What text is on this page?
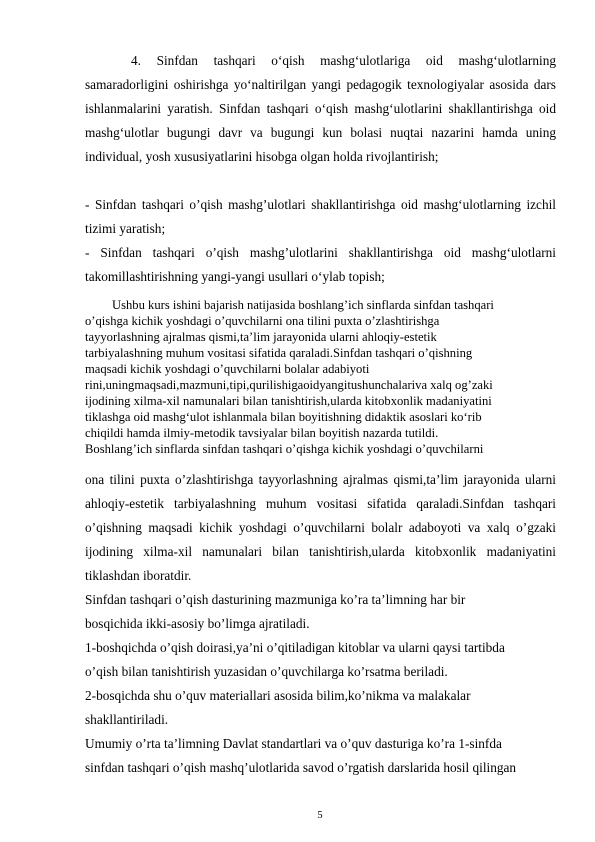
4. Sinfdan tashqari o‘qish mashg‘ulotlariga oid mashg‘ulotlarning samaradorligini oshirishga yo‘naltirilgan yangi pedagogik texnologiyalar asosida dars ishlanmalarini yaratish. Sinfdan tashqari o‘qish mashg‘ulotlarini shakllantirishga oid mashg‘ulotlar bugungi davr va bugungi kun bolasi nuqtai nazarini hamda uning individual, yosh xususiyatlarini hisobga olgan holda rivojlantirish;

- Sinfdan tashqari o’qish mashg’ulotlari shakllantirishga oid mashg‘ulotlarning izchil tizimi yaratish;

- Sinfdan tashqari o’qish mashg’ulotlarini shakllantirishga oid mashg‘ulotlarni takomillashtirishning yangi-yangi usullari o‘ylab topish;

Ushbu kurs ishini bajarish natijasida boshlang’ich sinflarda sinfdan tashqari
o’qishga kichik yoshdagi o’quvchilarni ona tilini puxta o’zlashtirishga
tayyorlashning ajralmas qismi,ta’lim jarayonida ularni ahloqiy-estetik
tarbiyalashning muhum vositasi sifatida qaraladi.Sinfdan tashqari o’qishning
maqsadi kichik yoshdagi o’quvchilarni bolalar adabiyoti
rini,uningmaqsadi,mazmuni,tipi,qurilishigaoidyangitushunchalariva xalq og’zaki
ijodining xilma-xil namunalari bilan tanishtirish,ularda kitobxonlik madaniyatini
tiklashga oid mashg‘ulot ishlanmala bilan boyitishning didaktik asoslari ko‘rib
chiqildi hamda ilmiy-metodik tavsiyalar bilan boyitish nazarda tutildi.
Boshlang’ich sinflarda sinfdan tashqari o’qishga kichik yoshdagi o’quvchilarni

ona tilini puxta o’zlashtirishga tayyorlashning ajralmas qismi,ta’lim jarayonida ularni ahloqiy-estetik tarbiyalashning muhum vositasi sifatida qaraladi.Sinfdan tashqari o’qishning maqsadi kichik yoshdagi o’quvchilarni bolalr adaboyoti va xalq o’gzaki ijodining xilma-xil namunalari bilan tanishtirish,ularda kitobxonlik madaniyatini tiklashdan iboratdir.

Sinfdan tashqari o’qish dasturining mazmuniga ko’ra ta’limning har bir
bosqichida ikki-asosiy bo’limga ajratiladi.
1-boshqichda o’qish doirasi,ya’ni o’qitiladigan kitoblar va ularni qaysi tartibda
o’qish bilan tanishtirish yuzasidan o’quvchilarga ko’rsatma beriladi.
2-bosqichda shu o’quv materiallari asosida bilim,ko’nikma va malakalar
shakllantiriladi.
Umumiy o’rta ta’limning Davlat standartlari va o’quv dasturiga ko’ra 1-sinfda
sinfdan tashqari o’qish mashq’ulotlarida savod o’rgatish darslarida hosil qilingan
5
